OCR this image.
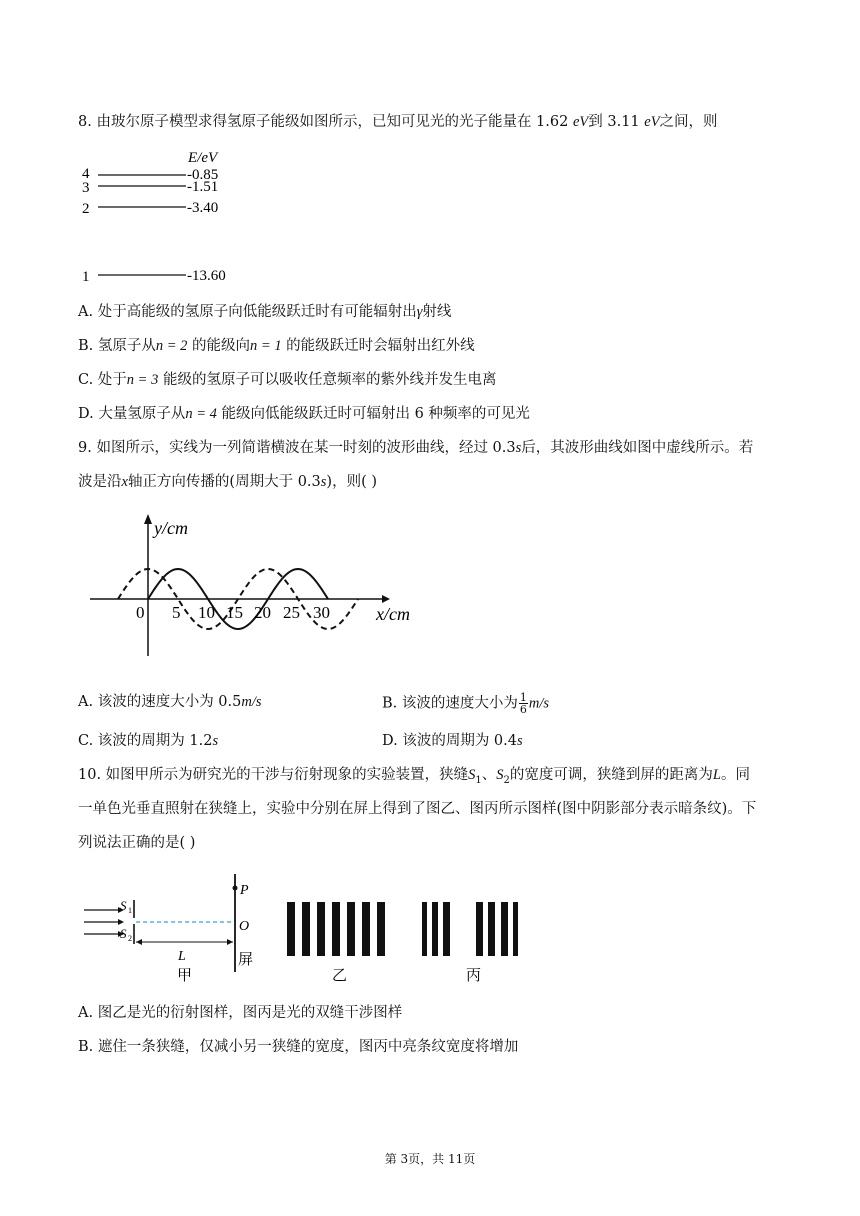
8. 由玻尔原子模型求得氢原子能级如图所示，已知可见光的光子能量在 1.62 eV到 3.11 eV之间，则
E/eV
4	-0.85
3	-1.51
2	-3.40
1	-13.60
A. 处于高能级的氢原子向低能级跃迁时有可能辐射出γ射线
B. 氢原子从n = 2 的能级向n = 1 的能级跃迁时会辐射出红外线
C. 处于n = 3 能级的氢原子可以吸收任意频率的紫外线并发生电离
D. 大量氢原子从n = 4 能级向低能级跃迁时可辐射出 6 种频率的可见光
9. 如图所示，实线为一列简谐横波在某一时刻的波形曲线，经过 0.3s后，其波形曲线如图中虚线所示。若
波是沿x轴正方向传播的(周期大于 0.3s)，则( )
y/cm
x/cm
0 5 10 15 20 25 30
A. 该波的速度大小为 0.5m/s	B. 该波的速度大小为 $\frac{1}{6} m/s$
C. 该波的周期为 1.2s	D. 该波的周期为 0.4s
10. 如图甲所示为研究光的干涉与衍射现象的实验装置，狭缝$S_1$、$S_2$的宽度可调，狭缝到屏的距离为L。同
一单色光垂直照射在狭缝上，实验中分别在屏上得到了图乙、图丙所示图样(图中阴影部分表示暗条纹)。下
列说法正确的是( )
S 1
S 2
P
O
屏
L
甲	乙	丙
A. 图乙是光的衍射图样，图丙是光的双缝干涉图样
B. 遮住一条狭缝，仅减小另一狭缝的宽度，图丙中亮条纹宽度将增加
第 3页，共 11页
